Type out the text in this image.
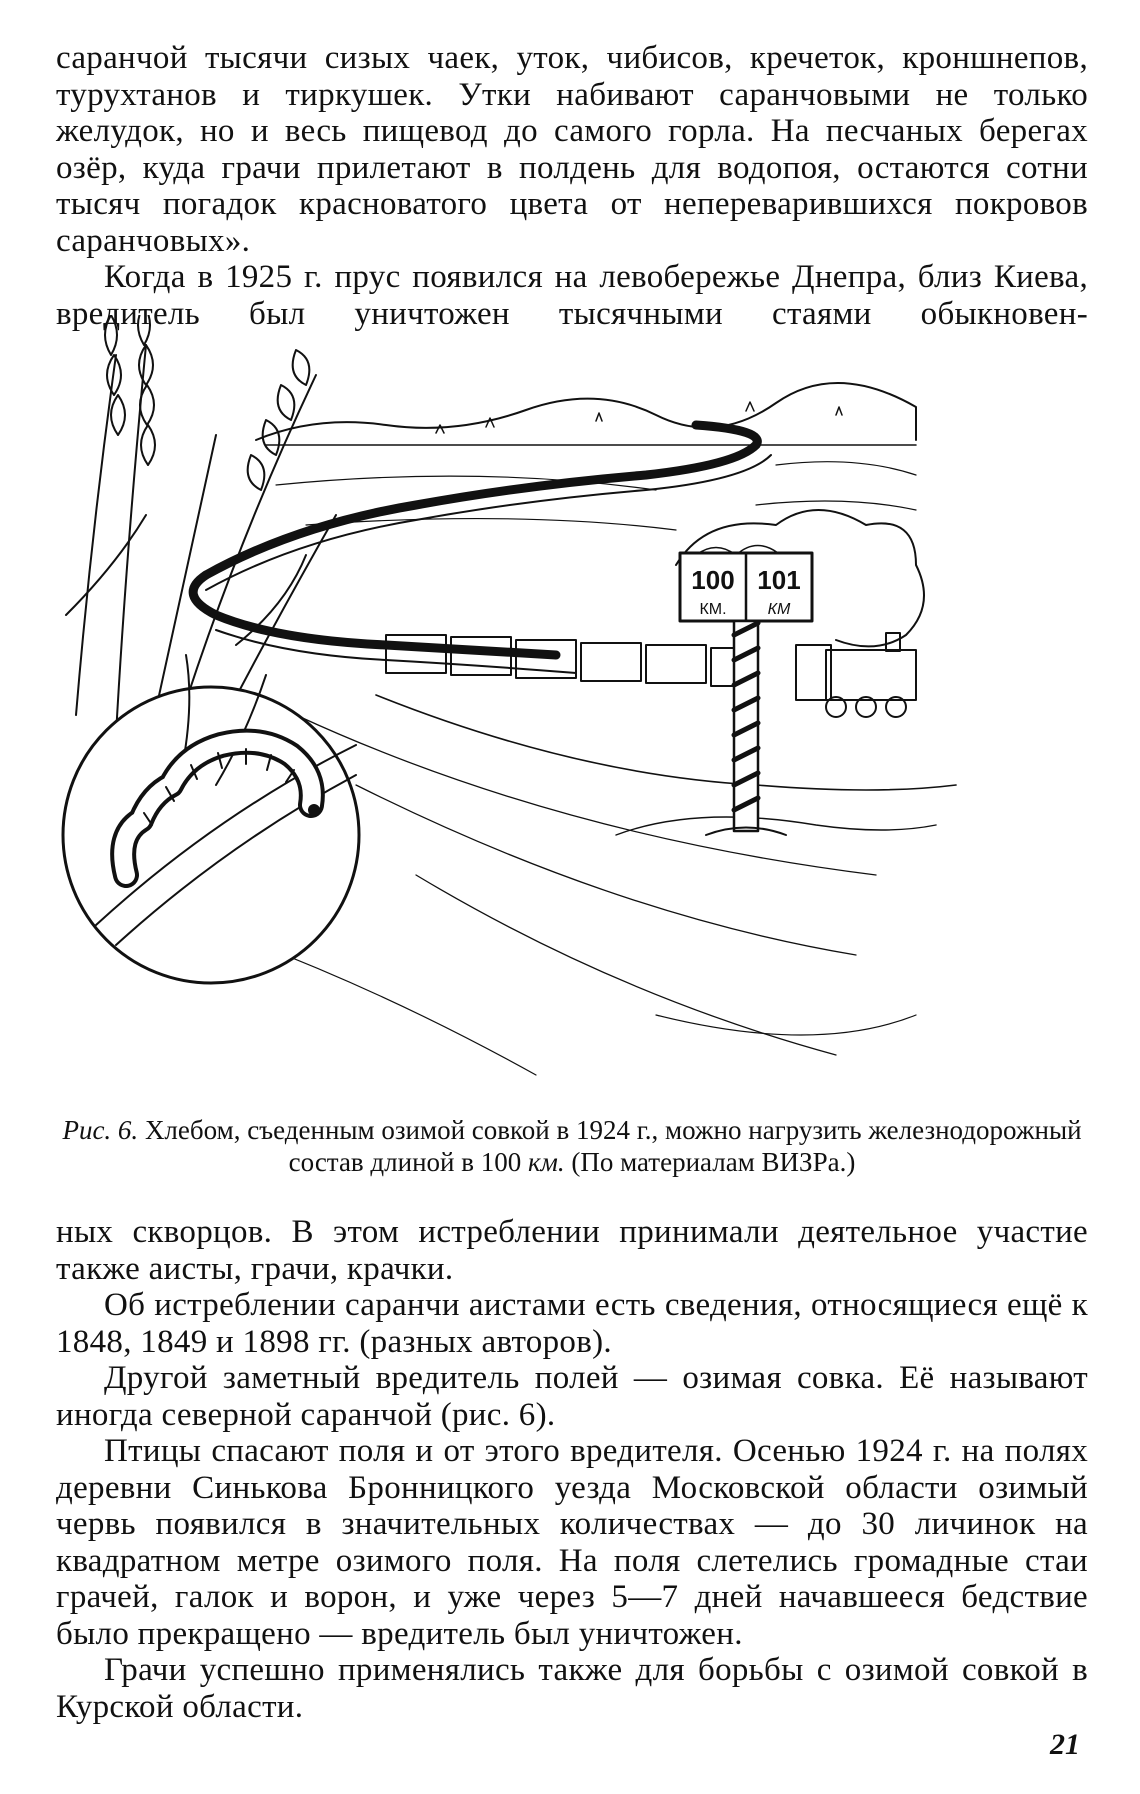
саранчой тысячи сизых чаек, уток, чибисов, кречеток, кроншнепов, турухтанов и тиркушек. Утки набивают саранчовыми не только желудок, но и весь пищевод до самого горла. На песчаных берегах озёр, куда грачи прилетают в полдень для водопоя, остаются сотни тысяч погадок красноватого цвета от непереварившихся покровов саранчовых».

Когда в 1925 г. прус появился на левобережье Днепра, близ Киева, вредитель был уничтожен тысячными стаями обыкновен-

100
КМ.
101
КМ

Рис. 6. Хлебом, съеденным озимой совкой в 1924 г., можно нагрузить железнодорожный состав длиной в 100 км. (По материалам ВИЗРа.)

ных скворцов. В этом истреблении принимали деятельное участие также аисты, грачи, крачки.

Об истреблении саранчи аистами есть сведения, относящиеся ещё к 1848, 1849 и 1898 гг. (разных авторов).

Другой заметный вредитель полей — озимая совка. Её называют иногда северной саранчой (рис. 6).

Птицы спасают поля и от этого вредителя. Осенью 1924 г. на полях деревни Синькова Бронницкого уезда Московской области озимый червь появился в значительных количествах — до 30 личинок на квадратном метре озимого поля. На поля слетелись громадные стаи грачей, галок и ворон, и уже через 5—7 дней начавшееся бедствие было прекращено — вредитель был уничтожен.

Грачи успешно применялись также для борьбы с озимой совкой в Курской области.

21
